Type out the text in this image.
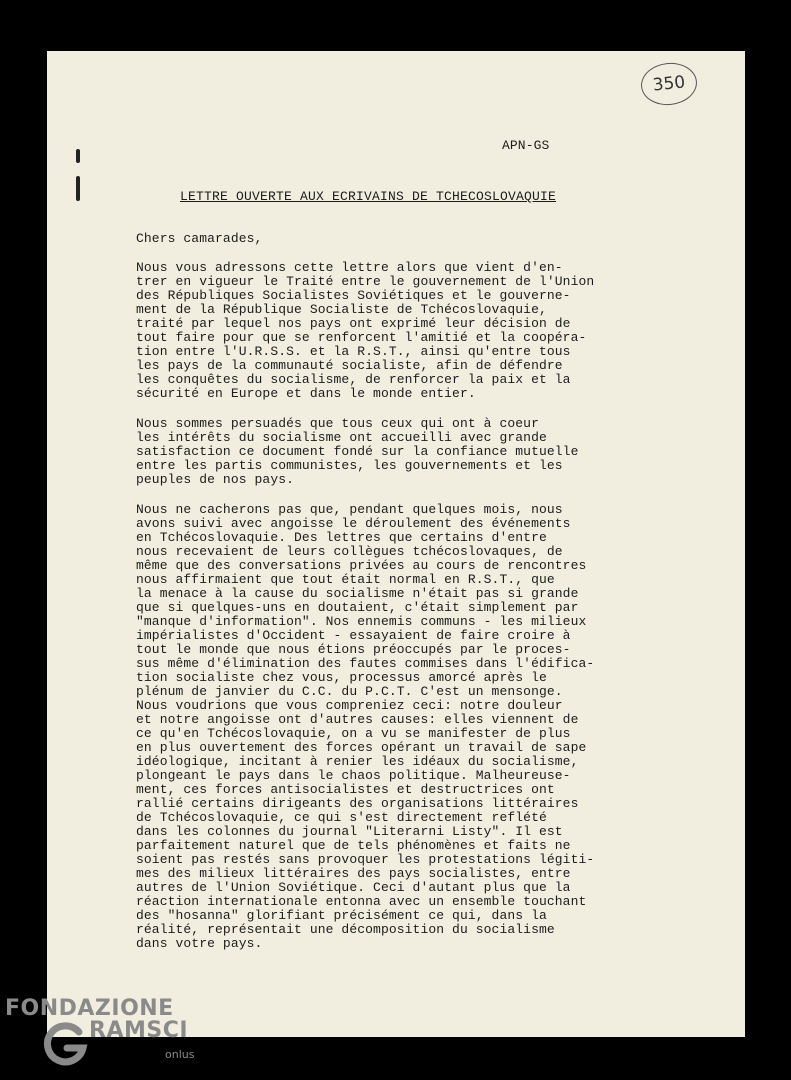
350

APN-GS

LETTRE OUVERTE AUX ECRIVAINS DE TCHECOSLOVAQUIE

Chers camarades,

Nous vous adressons cette lettre alors que vient d'en-
trer en vigueur le Traité entre le gouvernement de l'Union
des Républiques Socialistes Soviétiques et le gouverne-
ment de la République Socialiste de Tchécoslovaquie,
traité par lequel nos pays ont exprimé leur décision de
tout faire pour que se renforcent l'amitié et la coopéra-
tion entre l'U.R.S.S. et la R.S.T., ainsi qu'entre tous
les pays de la communauté socialiste, afin de défendre
les conquêtes du socialisme, de renforcer la paix et la
sécurité en Europe et dans le monde entier.

Nous sommes persuadés que tous ceux qui ont à coeur
les intérêts du socialisme ont accueilli avec grande
satisfaction ce document fondé sur la confiance mutuelle
entre les partis communistes, les gouvernements et les
peuples de nos pays.

Nous ne cacherons pas que, pendant quelques mois, nous
avons suivi avec angoisse le déroulement des événements
en Tchécoslovaquie. Des lettres que certains d'entre
nous recevaient de leurs collègues tchécoslovaques, de
même que des conversations privées au cours de rencontres
nous affirmaient que tout était normal en R.S.T., que
la menace à la cause du socialisme n'était pas si grande
que si quelques-uns en doutaient, c'était simplement par
"manque d'information". Nos ennemis communs - les milieux
impérialistes d'Occident - essayaient de faire croire à
tout le monde que nous étions préoccupés par le proces-
sus même d'élimination des fautes commises dans l'édifica-
tion socialiste chez vous, processus amorcé après le
plénum de janvier du C.C. du P.C.T. C'est un mensonge.
Nous voudrions que vous compreniez ceci: notre douleur
et notre angoisse ont d'autres causes: elles viennent de
ce qu'en Tchécoslovaquie, on a vu se manifester de plus
en plus ouvertement des forces opérant un travail de sape
idéologique, incitant à renier les idéaux du socialisme,
plongeant le pays dans le chaos politique. Malheureuse-
ment, ces forces antisocialistes et destructrices ont
rallié certains dirigeants des organisations littéraires
de Tchécoslovaquie, ce qui s'est directement reflété
dans les colonnes du journal "Literarni Listy". Il est
parfaitement naturel que de tels phénomènes et faits ne
soient pas restés sans provoquer les protestations légiti-
mes des milieux littéraires des pays socialistes, entre
autres de l'Union Soviétique. Ceci d'autant plus que la
réaction internationale entonna avec un ensemble touchant
des "hosanna" glorifiant précisément ce qui, dans la
réalité, représentait une décomposition du socialisme
dans votre pays.

FONDAZIONE
RAMSCI
onlus
